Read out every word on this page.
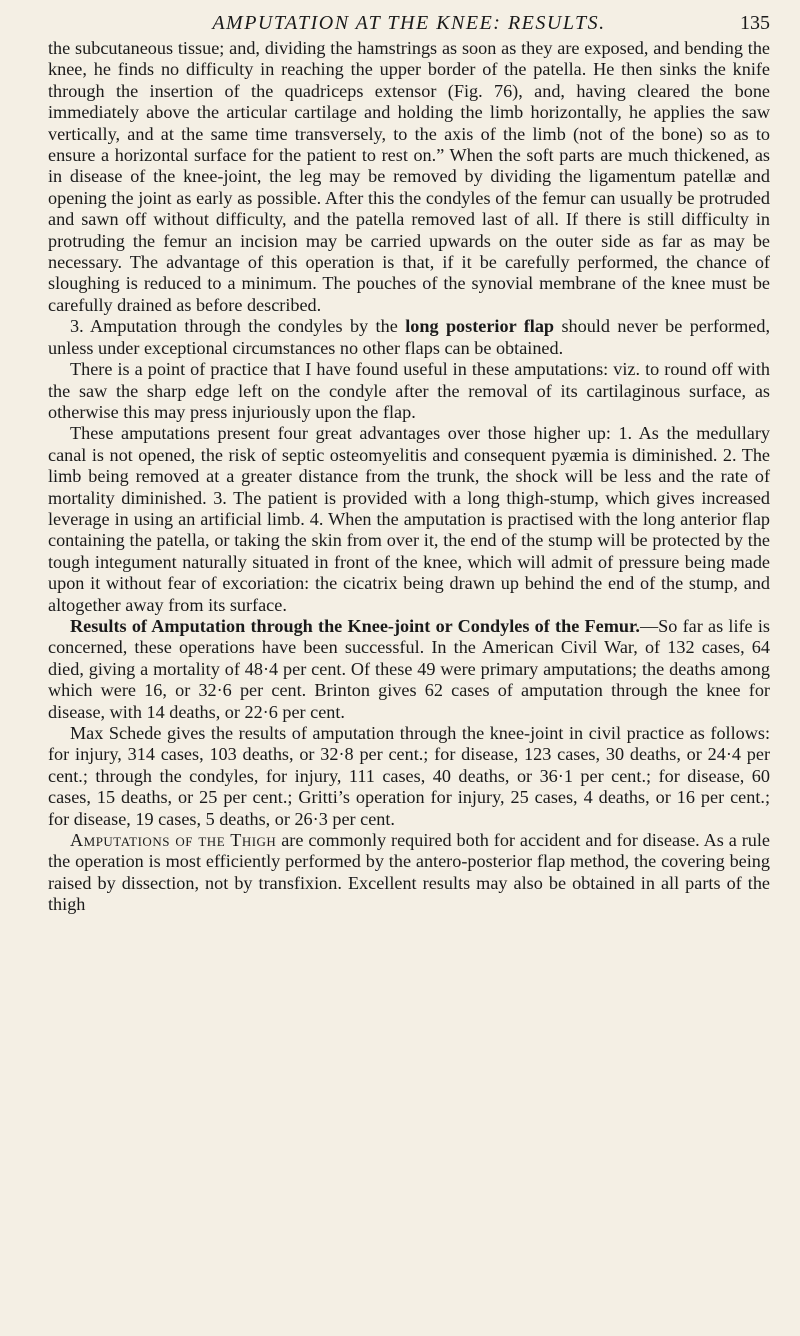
AMPUTATION AT THE KNEE: RESULTS.	135

the subcutaneous tissue; and, dividing the hamstrings as soon as they are exposed, and bending the knee, he finds no difficulty in reaching the upper border of the patella. He then sinks the knife through the insertion of the quadriceps extensor (Fig. 76), and, having cleared the bone immediately above the articular cartilage and holding the limb horizontally, he applies the saw vertically, and at the same time transversely, to the axis of the limb (not of the bone) so as to ensure a horizontal surface for the patient to rest on.” When the soft parts are much thickened, as in disease of the knee-joint, the leg may be removed by dividing the ligamentum patellæ and opening the joint as early as possible. After this the condyles of the femur can usually be protruded and sawn off without difficulty, and the patella removed last of all. If there is still difficulty in protruding the femur an incision may be carried upwards on the outer side as far as may be necessary. The advantage of this operation is that, if it be carefully performed, the chance of sloughing is reduced to a minimum. The pouches of the synovial membrane of the knee must be carefully drained as before described.

3. Amputation through the condyles by the long posterior flap should never be performed, unless under exceptional circumstances no other flaps can be obtained.

There is a point of practice that I have found useful in these amputations: viz. to round off with the saw the sharp edge left on the condyle after the removal of its cartilaginous surface, as otherwise this may press injuriously upon the flap.

These amputations present four great advantages over those higher up: 1. As the medullary canal is not opened, the risk of septic osteomyelitis and consequent pyæmia is diminished. 2. The limb being removed at a greater distance from the trunk, the shock will be less and the rate of mortality diminished. 3. The patient is provided with a long thigh-stump, which gives increased leverage in using an artificial limb. 4. When the amputation is practised with the long anterior flap containing the patella, or taking the skin from over it, the end of the stump will be protected by the tough integument naturally situated in front of the knee, which will admit of pressure being made upon it without fear of excoriation: the cicatrix being drawn up behind the end of the stump, and altogether away from its surface.

Results of Amputation through the Knee-joint or Condyles of the Femur.—So far as life is concerned, these operations have been successful. In the American Civil War, of 132 cases, 64 died, giving a mortality of 48·4 per cent. Of these 49 were primary amputations; the deaths among which were 16, or 32·6 per cent. Brinton gives 62 cases of amputation through the knee for disease, with 14 deaths, or 22·6 per cent.

Max Schede gives the results of amputation through the knee-joint in civil practice as follows: for injury, 314 cases, 103 deaths, or 32·8 per cent.; for disease, 123 cases, 30 deaths, or 24·4 per cent.; through the condyles, for injury, 111 cases, 40 deaths, or 36·1 per cent.; for disease, 60 cases, 15 deaths, or 25 per cent.; Gritti’s operation for injury, 25 cases, 4 deaths, or 16 per cent.; for disease, 19 cases, 5 deaths, or 26·3 per cent.

Amputations of the Thigh are commonly required both for accident and for disease. As a rule the operation is most efficiently performed by the antero-posterior flap method, the covering being raised by dissection, not by transfixion. Excellent results may also be obtained in all parts of the thigh
